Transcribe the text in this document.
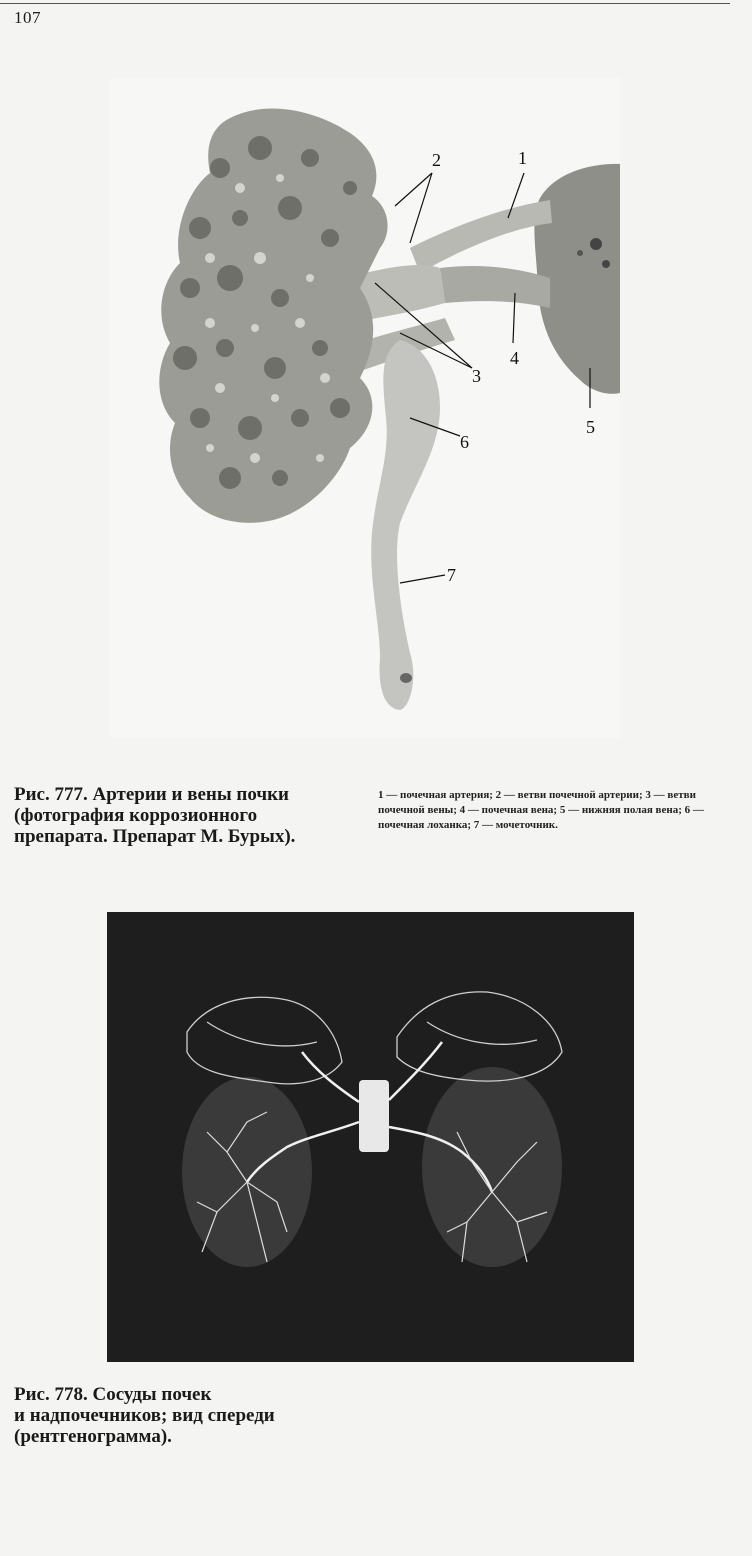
107
2	1
3
4
5
6
7
Рис. 777. Артерии и вены почки
(фотография коррозионного
препарата. Препарат М. Бурых).
1 — почечная артерия; 2 — ветви почечной артерии; 3 — ветви почечной вены; 4 — почечная вена; 5 — нижняя полая вена; 6 — почечная лоханка; 7 — мочеточник.
Рис. 778. Сосуды почек
и надпочечников; вид спереди
(рентгенограмма).
